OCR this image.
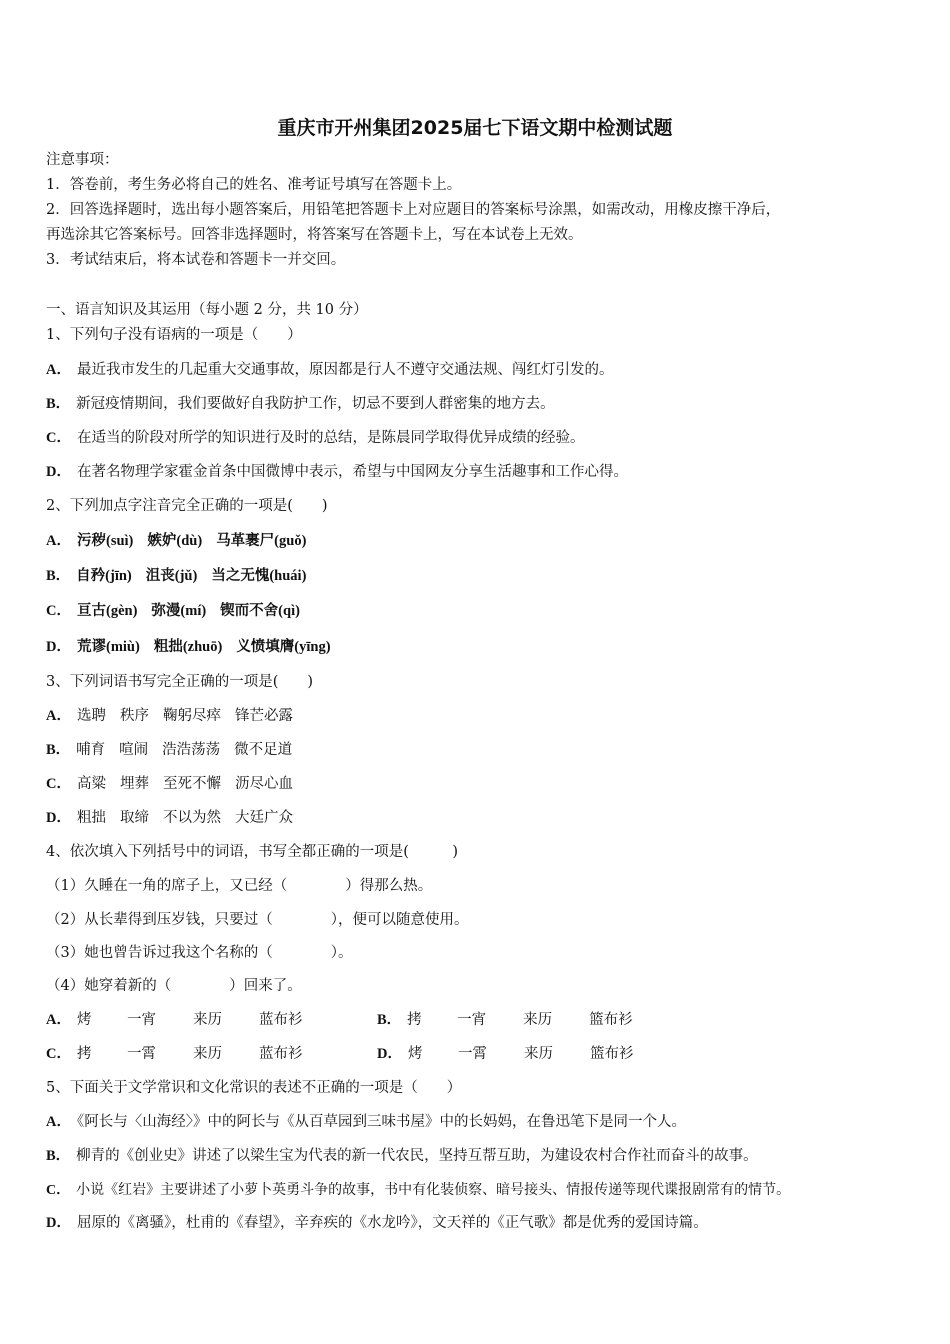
重庆市开州集团2025届七下语文期中检测试题
注意事项：
1．答卷前，考生务必将自己的姓名、准考证号填写在答题卡上。
2．回答选择题时，选出每小题答案后，用铅笔把答题卡上对应题目的答案标号涂黑，如需改动，用橡皮擦干净后，
再选涂其它答案标号。回答非选择题时，将答案写在答题卡上，写在本试卷上无效。
3．考试结束后，将本试卷和答题卡一并交回。
一、语言知识及其运用（每小题 2 分，共 10 分）
1、下列句子没有语病的一项是（　　）
A． 最近我市发生的几起重大交通事故，原因都是行人不遵守交通法规、闯红灯引发的。
B． 新冠疫情期间，我们要做好自我防护工作，切忌不要到人群密集的地方去。
C． 在适当的阶段对所学的知识进行及时的总结，是陈晨同学取得优异成绩的经验。
D． 在著名物理学家霍金首条中国微博中表示，希望与中国网友分享生活趣事和工作心得。
2、下列加点字注音完全正确的一项是(　　)
A． 污秽(suì) 嫉妒(dù) 马革裹尸(guǒ)
B． 自矜(jīn) 沮丧(jǔ) 当之无愧(huái)
C． 亘古(gèn) 弥漫(mí) 锲而不舍(qì)
D． 荒谬(miù) 粗拙(zhuō) 义愤填膺(yīng)
3、下列词语书写完全正确的一项是(　　)
A． 选聘 秩序 鞠躬尽瘁 锋芒必露
B． 哺育 喧闹 浩浩荡荡 微不足道
C． 高粱 埋葬 至死不懈 沥尽心血
D． 粗拙 取缔 不以为然 大廷广众
4、依次填入下列括号中的词语，书写全都正确的一项是(　　　)
（1）久睡在一角的席子上，又已经（　　　　）得那么热。
（2）从长辈得到压岁钱，只要过（　　　　），便可以随意使用。
（3）她也曾告诉过我这个名称的（　　　　）。
（4）她穿着新的（　　　　）回来了。
A． 烤 一宵	来历	蓝布衫	B． 拷 一宵	来历	篮布衫
C． 拷 一霄	来历	蓝布衫	D． 烤 一霄	来历	篮布衫
5、下面关于文学常识和文化常识的表述不正确的一项是（　　）
A． 《阿长与〈山海经〉》中的阿长与《从百草园到三味书屋》中的长妈妈，在鲁迅笔下是同一个人。
B． 柳青的《创业史》讲述了以梁生宝为代表的新一代农民，坚持互帮互助，为建设农村合作社而奋斗的故事。
C． 小说《红岩》主要讲述了小萝卜英勇斗争的故事，书中有化装侦察、暗号接头、情报传递等现代谍报剧常有的情节。
D． 屈原的《离骚》，杜甫的《春望》，辛弃疾的《水龙吟》，文天祥的《正气歌》都是优秀的爱国诗篇。
